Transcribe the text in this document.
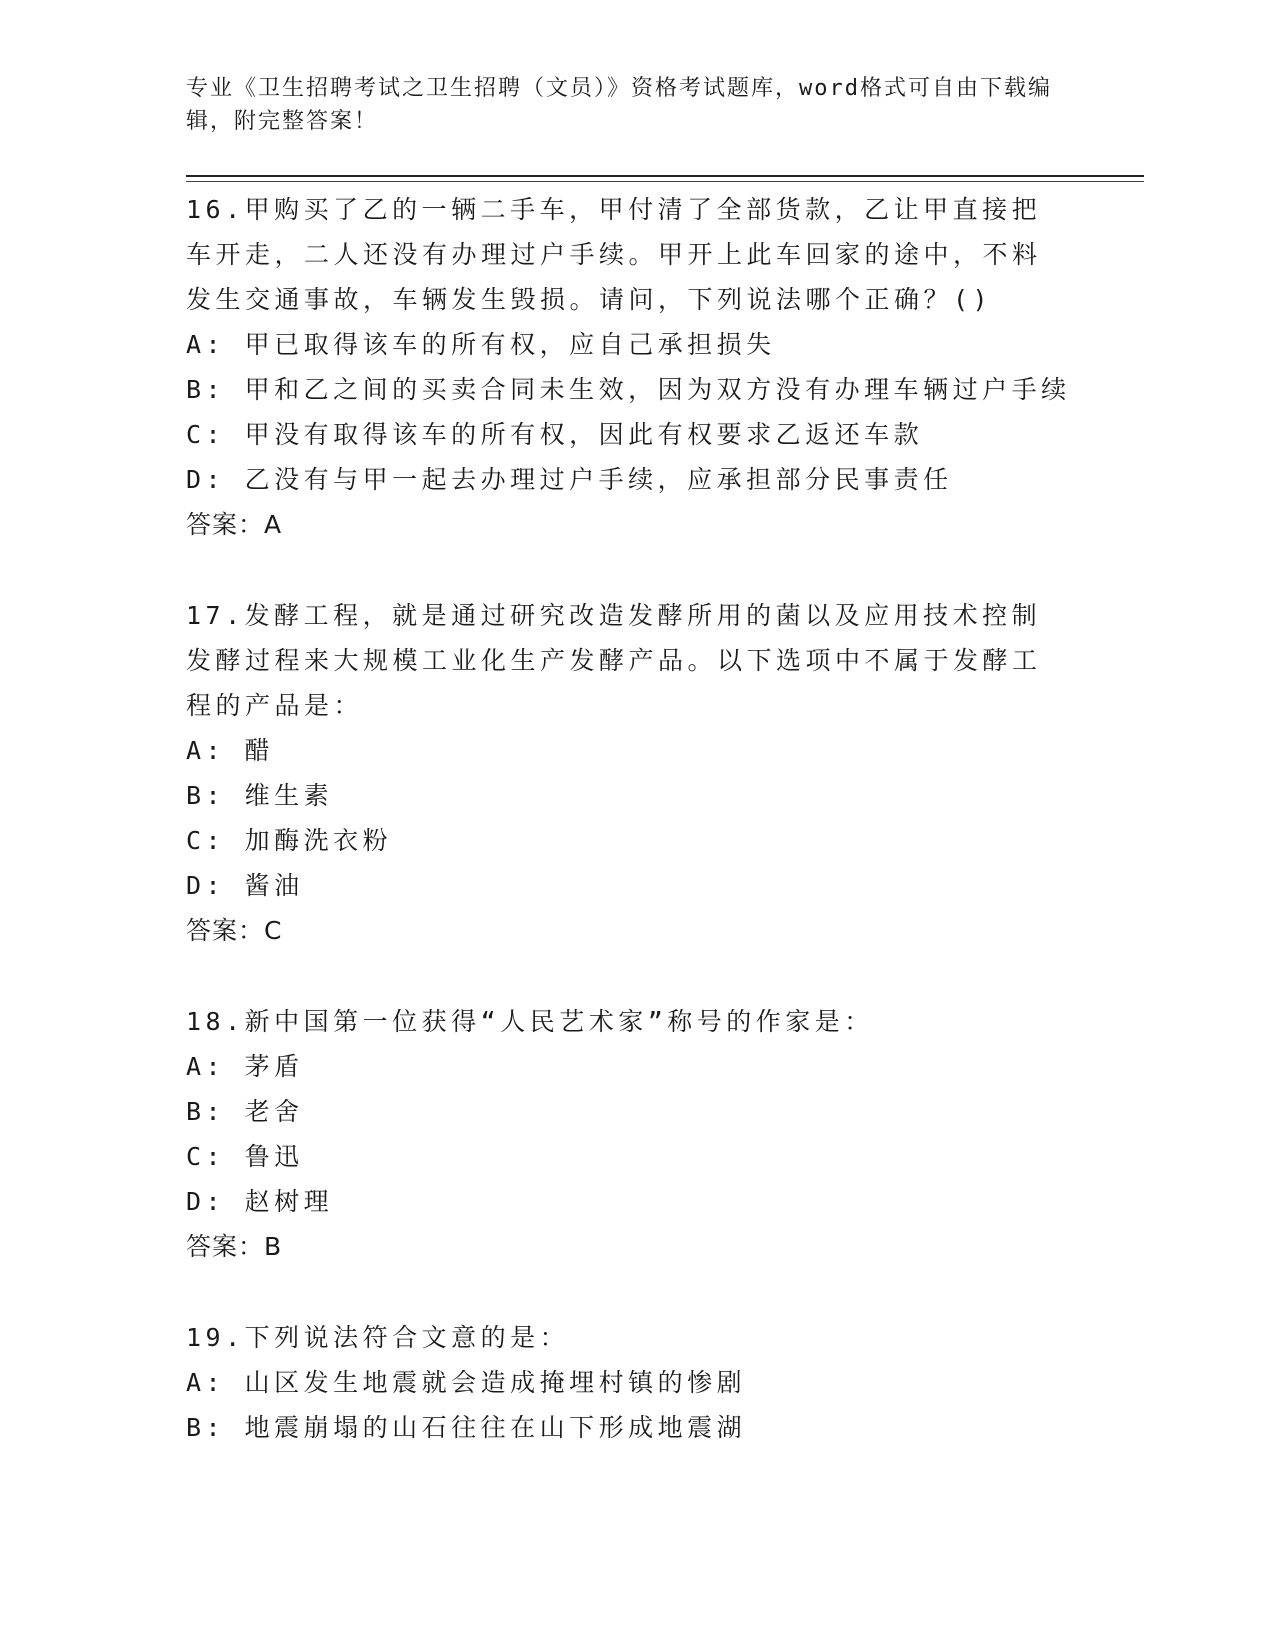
专业《卫生招聘考试之卫生招聘（文员）》资格考试题库，word格式可自由下载编辑，附完整答案！
16.甲购买了乙的一辆二手车，甲付清了全部货款，乙让甲直接把车开走，二人还没有办理过户手续。甲开上此车回家的途中，不料发生交通事故，车辆发生毁损。请问，下列说法哪个正确？()
A: 甲已取得该车的所有权，应自己承担损失
B: 甲和乙之间的买卖合同未生效，因为双方没有办理车辆过户手续
C: 甲没有取得该车的所有权，因此有权要求乙返还车款
D: 乙没有与甲一起去办理过户手续，应承担部分民事责任
答案：A
17.发酵工程，就是通过研究改造发酵所用的菌以及应用技术控制发酵过程来大规模工业化生产发酵产品。以下选项中不属于发酵工程的产品是：
A: 醋
B: 维生素
C: 加酶洗衣粉
D: 酱油
答案：C
18.新中国第一位获得“人民艺术家”称号的作家是：
A: 茅盾
B: 老舍
C: 鲁迅
D: 赵树理
答案：B
19.下列说法符合文意的是：
A: 山区发生地震就会造成掩埋村镇的惨剧
B: 地震崩塌的山石往往在山下形成地震湖
